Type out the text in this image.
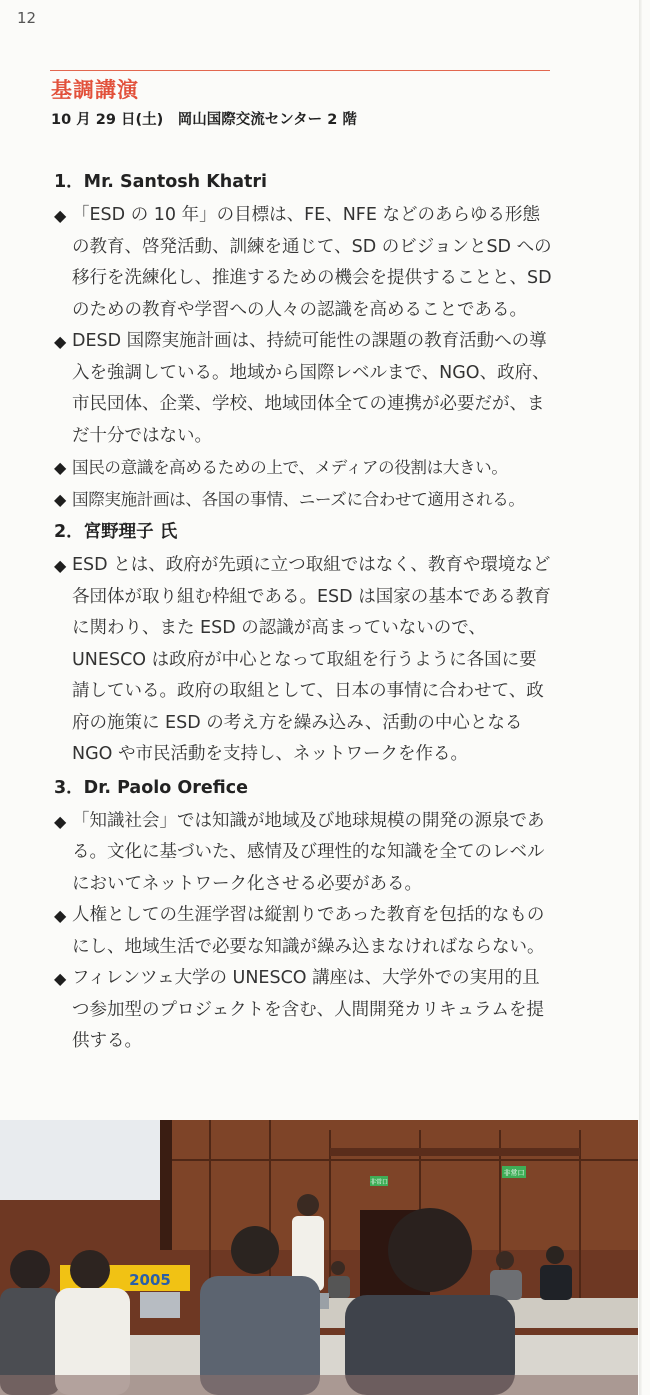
12
基調講演
10 月 29 日(土)　岡山国際交流センター 2 階
1．Mr. Santosh Khatri
◆ 「ESD の 10 年」の目標は、FE、NFE などのあらゆる形態の教育、啓発活動、訓練を通じて、SD のビジョンとSD への移行を洗練化し、推進するための機会を提供することと、SD のための教育や学習への人々の認識を高めることである。
◆ DESD 国際実施計画は、持続可能性の課題の教育活動への導入を強調している。地域から国際レベルまで、NGO、政府、市民団体、企業、学校、地域団体全ての連携が必要だが、まだ十分ではない。
◆ 国民の意識を高めるための上で、メディアの役割は大きい。
◆ 国際実施計画は、各国の事情、ニーズに合わせて適用される。
2．宮野理子 氏
◆ ESD とは、政府が先頭に立つ取組ではなく、教育や環境など各団体が取り組む枠組である。ESD は国家の基本である教育に関わり、また ESD の認識が高まっていないので、UNESCO は政府が中心となって取組を行うように各国に要請している。政府の取組として、日本の事情に合わせて、政府の施策に ESD の考え方を繰み込み、活動の中心となる NGO や市民活動を支持し、ネットワークを作る。
3．Dr. Paolo Orefice
◆ 「知識社会」では知識が地域及び地球規模の開発の源泉である。文化に基づいた、感情及び理性的な知識を全てのレベルにおいてネットワーク化させる必要がある。
◆ 人権としての生涯学習は縦割りであった教育を包括的なものにし、地域生活で必要な知識が繰み込まなければならない。
◆ フィレンツェ大学の UNESCO 講座は、大学外での実用的且つ参加型のプロジェクトを含む、人間開発カリキュラムを提供する。
非常口
非常口
2005
